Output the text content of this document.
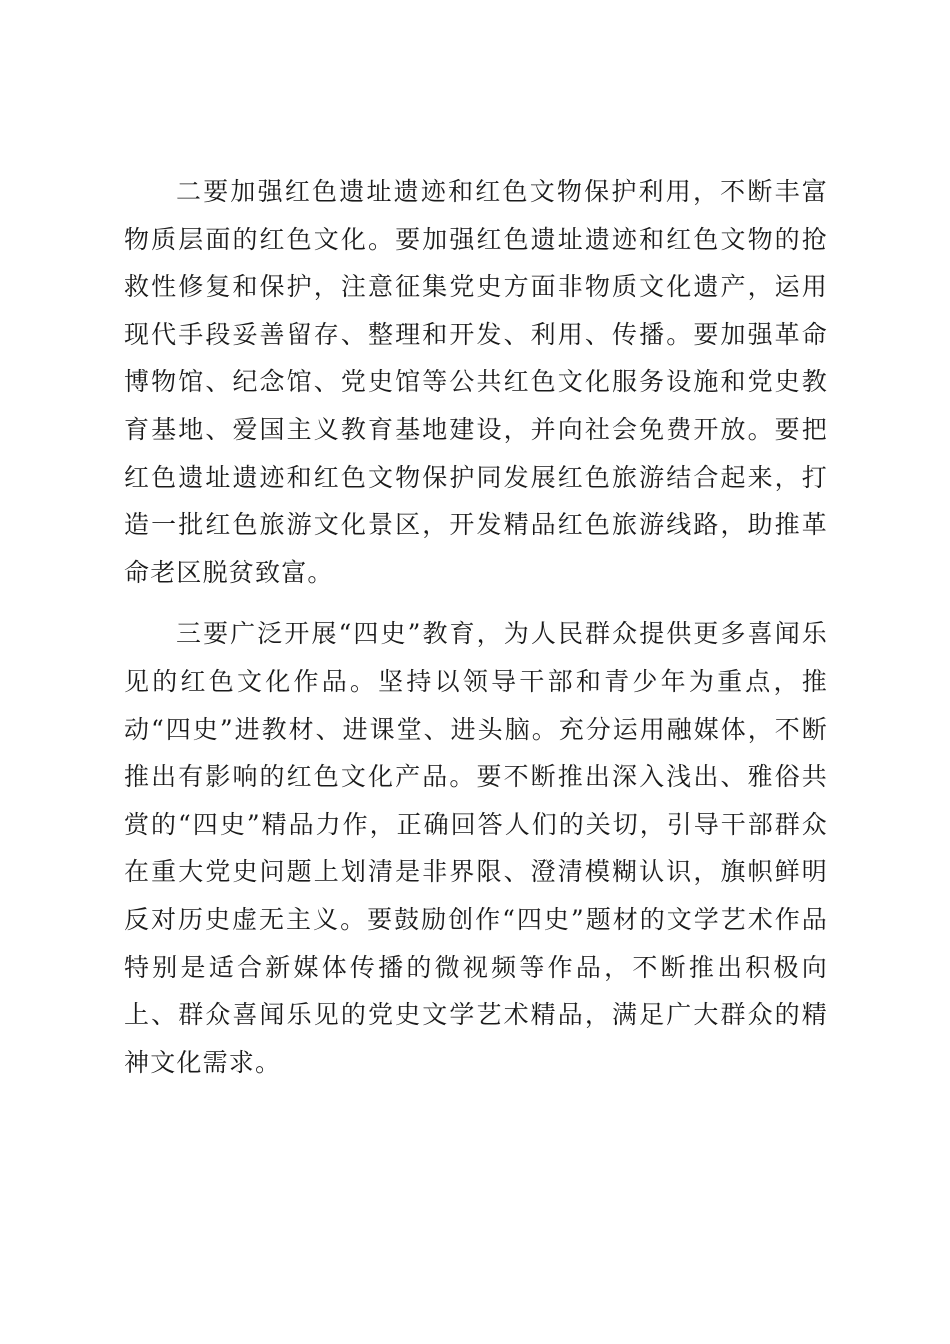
二要加强红色遗址遗迹和红色文物保护利用，不断丰富物质层面的红色文化。要加强红色遗址遗迹和红色文物的抢救性修复和保护，注意征集党史方面非物质文化遗产，运用现代手段妥善留存、整理和开发、利用、传播。要加强革命博物馆、纪念馆、党史馆等公共红色文化服务设施和党史教育基地、爱国主义教育基地建设，并向社会免费开放。要把红色遗址遗迹和红色文物保护同发展红色旅游结合起来，打造一批红色旅游文化景区，开发精品红色旅游线路，助推革命老区脱贫致富。

三要广泛开展“四史”教育，为人民群众提供更多喜闻乐见的红色文化作品。坚持以领导干部和青少年为重点，推动“四史”进教材、进课堂、进头脑。充分运用融媒体，不断推出有影响的红色文化产品。要不断推出深入浅出、雅俗共赏的“四史”精品力作，正确回答人们的关切，引导干部群众在重大党史问题上划清是非界限、澄清模糊认识，旗帜鲜明反对历史虚无主义。要鼓励创作“四史”题材的文学艺术作品特别是适合新媒体传播的微视频等作品，不断推出积极向上、群众喜闻乐见的党史文学艺术精品，满足广大群众的精神文化需求。
